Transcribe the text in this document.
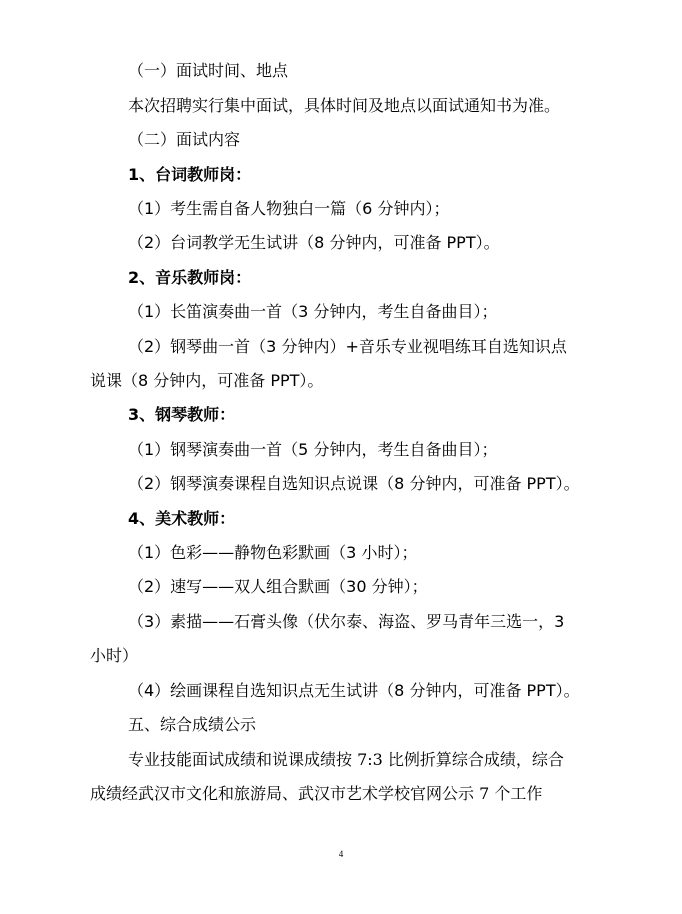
（一）面试时间、地点
本次招聘实行集中面试，具体时间及地点以面试通知书为准。
（二）面试内容
1、台词教师岗：
（1）考生需自备人物独白一篇（6 分钟内）；
（2）台词教学无生试讲（8 分钟内，可准备 PPT）。
2、音乐教师岗：
（1）长笛演奏曲一首（3 分钟内，考生自备曲目）；
（2）钢琴曲一首（3 分钟内）+音乐专业视唱练耳自选知识点
说课（8 分钟内，可准备 PPT）。
3、钢琴教师：
（1）钢琴演奏曲一首（5 分钟内，考生自备曲目）；
（2）钢琴演奏课程自选知识点说课（8 分钟内，可准备 PPT）。
4、美术教师：
（1）色彩——静物色彩默画（3 小时）；
（2）速写——双人组合默画（30 分钟）；
（3）素描——石膏头像（伏尔泰、海盗、罗马青年三选一，3
小时）
（4）绘画课程自选知识点无生试讲（8 分钟内，可准备 PPT）。
五、综合成绩公示
专业技能面试成绩和说课成绩按 7:3 比例折算综合成绩，综合
成绩经武汉市文化和旅游局、武汉市艺术学校官网公示 7 个工作
4
